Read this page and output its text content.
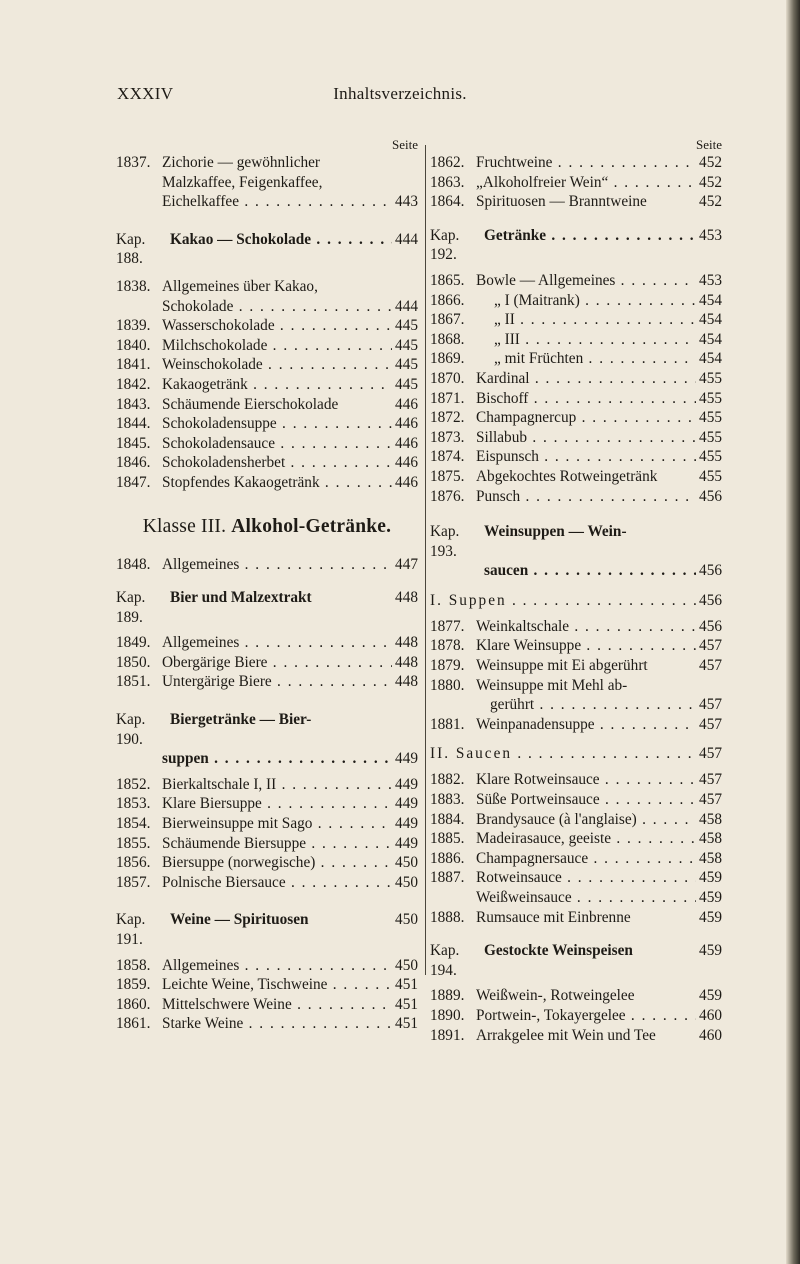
XXXIV	Inhaltsverzeichnis.
Seite
1837. Zichorie — gewöhnlicher
Malzkaffee, Feigenkaffee,
Eichelkaffee . . .	443
Kap. 188.
Kakao — Schokolade . . .	444
1838. Allgemeines über Kakao,
Schokolade . . .	444
1839. Wasserschokolade . . .	445
1840. Milchschokolade . . .	445
1841. Weinschokolade . . .	445
1842. Kakaogetränk . . .	445
1843. Schäumende Eierschokolade	446
1844. Schokoladensuppe . . .	446
1845. Schokoladensauce . . .	446
1846. Schokoladensherbet . . .	446
1847. Stopfendes Kakaogetränk . . .	446
Klasse III. Alkohol-Getränke.
1848. Allgemeines . . .	447
Kap. 189.
Bier und Malzextrakt	448
1849. Allgemeines . . .	448
1850. Obergärige Biere . . .	448
1851. Untergärige Biere . . .	448
Kap. 190.
Biergetränke — Bier-
suppen . . .	449
1852. Bierkaltschale I, II . . .	449
1853. Klare Biersuppe . . .	449
1854. Bierweinsuppe mit Sago . . .	449
1855. Schäumende Biersuppe . . .	449
1856. Biersuppe (norwegische) . . .	450
1857. Polnische Biersauce . . .	450
Kap. 191.
Weine — Spirituosen	450
1858. Allgemeines . . .	450
1859. Leichte Weine, Tischweine . . .	451
1860. Mittelschwere Weine . . .	451
1861. Starke Weine . . .	451
Seite
1862. Fruchtweine . . .	452
1863. „Alkoholfreier Wein“ . . .	452
1864. Spirituosen — Branntweine	452
Kap. 192.
Getränke . . .	453
1865. Bowle — Allgemeines . . .	453
1866.	„ I (Maitrank) . . .	454
1867.	„ II . . .	454
1868.	„ III . . .	454
1869.	„ mit Früchten . . .	454
1870. Kardinal . . .	455
1871. Bischoff . . .	455
1872. Champagnercup . . .	455
1873. Sillabub . . .	455
1874. Eispunsch . . .	455
1875. Abgekochtes Rotweingetränk	455
1876. Punsch . . .	456
Kap. 193.
Weinsuppen — Wein-
saucen . . .	456
I. Suppen . . .	456
1877. Weinkaltschale . . .	456
1878. Klare Weinsuppe . . .	457
1879. Weinsuppe mit Ei abgerührt	457
1880. Weinsuppe mit Mehl ab-
gerührt . . .	457
1881. Weinpanadensuppe . . .	457
II. Saucen . . .	457
1882. Klare Rotweinsauce . . .	457
1883. Süße Portweinsauce . . .	457
1884. Brandysauce (à l'anglaise) . . .	458
1885. Madeirasauce, geeiste . . .	458
1886. Champagnersauce . . .	458
1887. Rotweinsauce . . .	459
Weißweinsauce . . .	459
1888. Rumsauce mit Einbrenne	459
Kap. 194.
Gestockte Weinspeisen	459
1889. Weißwein-, Rotweingelee	459
1890. Portwein-, Tokayergelee . . .	460
1891. Arrakgelee mit Wein und Tee	460
